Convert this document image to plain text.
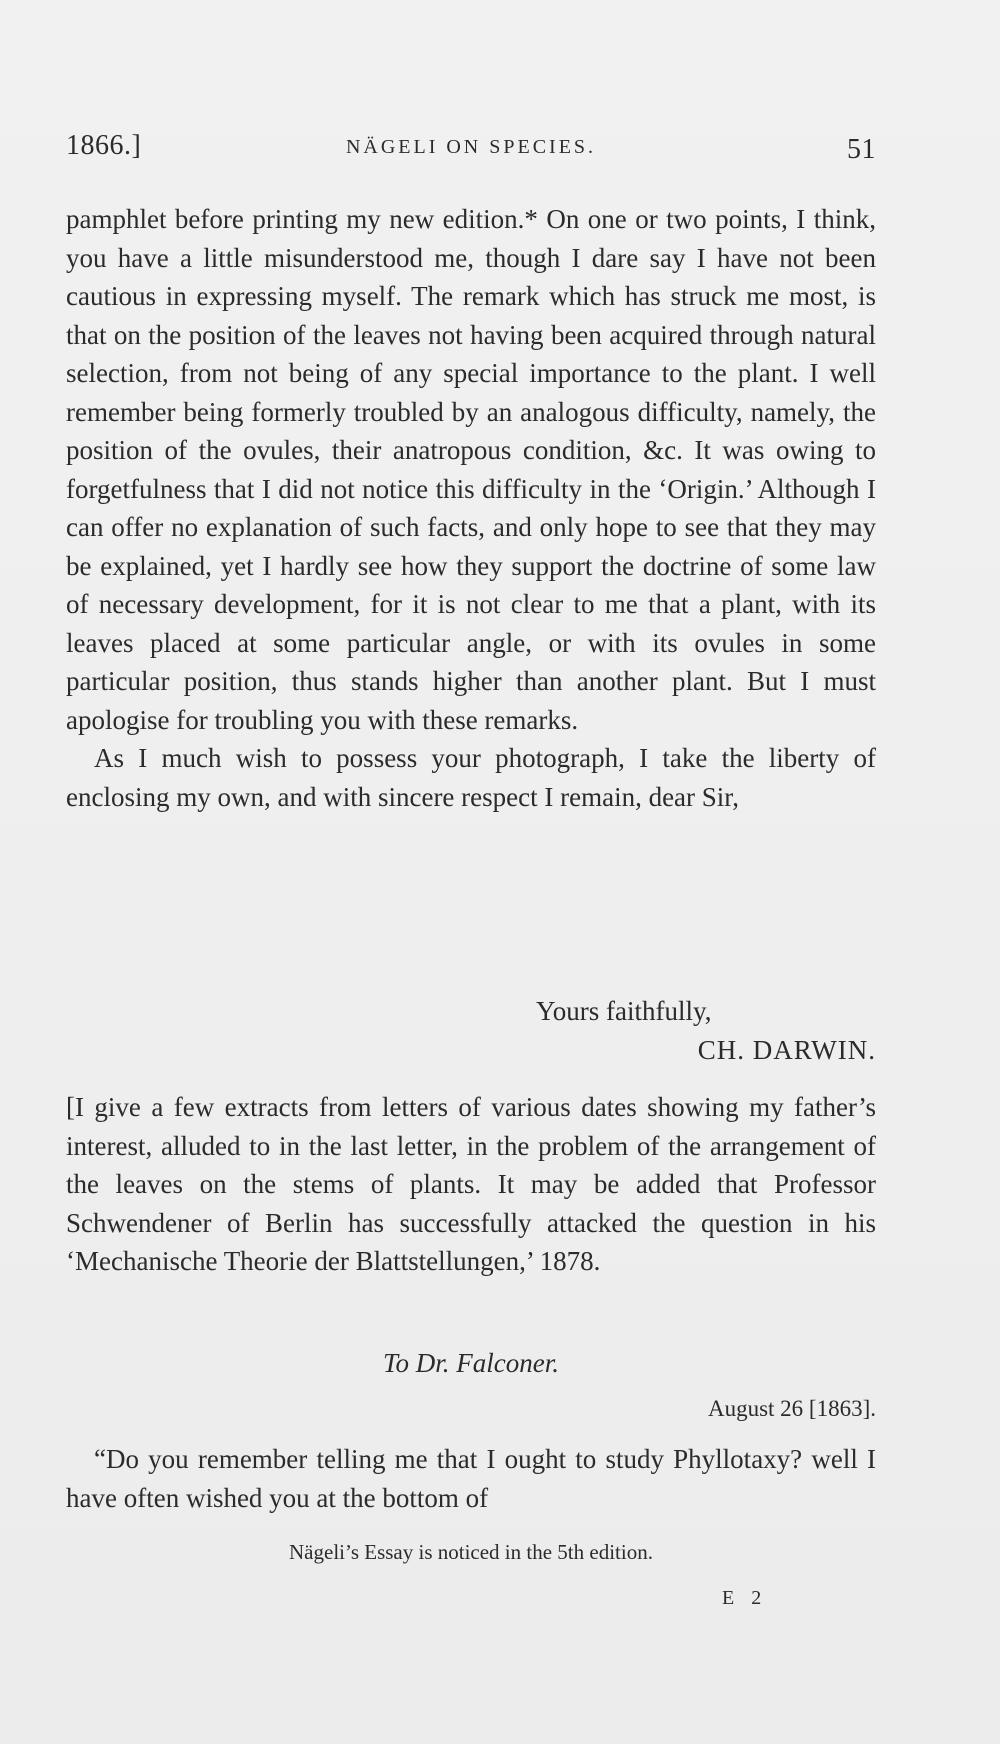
1866.]	NÄGELI ON SPECIES.	51

pamphlet before printing my new edition.* On one or two points, I think, you have a little misunderstood me, though I dare say I have not been cautious in expressing myself. The remark which has struck me most, is that on the position of the leaves not having been acquired through natural selection, from not being of any special importance to the plant. I well remember being formerly troubled by an analogous difficulty, namely, the position of the ovules, their anatropous condition, &c. It was owing to forgetfulness that I did not notice this difficulty in the ‘Origin.’ Although I can offer no explanation of such facts, and only hope to see that they may be explained, yet I hardly see how they support the doctrine of some law of necessary development, for it is not clear to me that a plant, with its leaves placed at some particular angle, or with its ovules in some particular position, thus stands higher than another plant. But I must apologise for troubling you with these remarks.

As I much wish to possess your photograph, I take the liberty of enclosing my own, and with sincere respect I remain, dear Sir,

Yours faithfully,
CH. DARWIN.

[I give a few extracts from letters of various dates showing my father’s interest, alluded to in the last letter, in the problem of the arrangement of the leaves on the stems of plants. It may be added that Professor Schwendener of Berlin has successfully attacked the question in his ‘Mechanische Theorie der Blattstellungen,’ 1878.

To Dr. Falconer.
August 26 [1863].

“Do you remember telling me that I ought to study Phyllotaxy? well I have often wished you at the bottom of

Nägeli’s Essay is noticed in the 5th edition.
E 2
